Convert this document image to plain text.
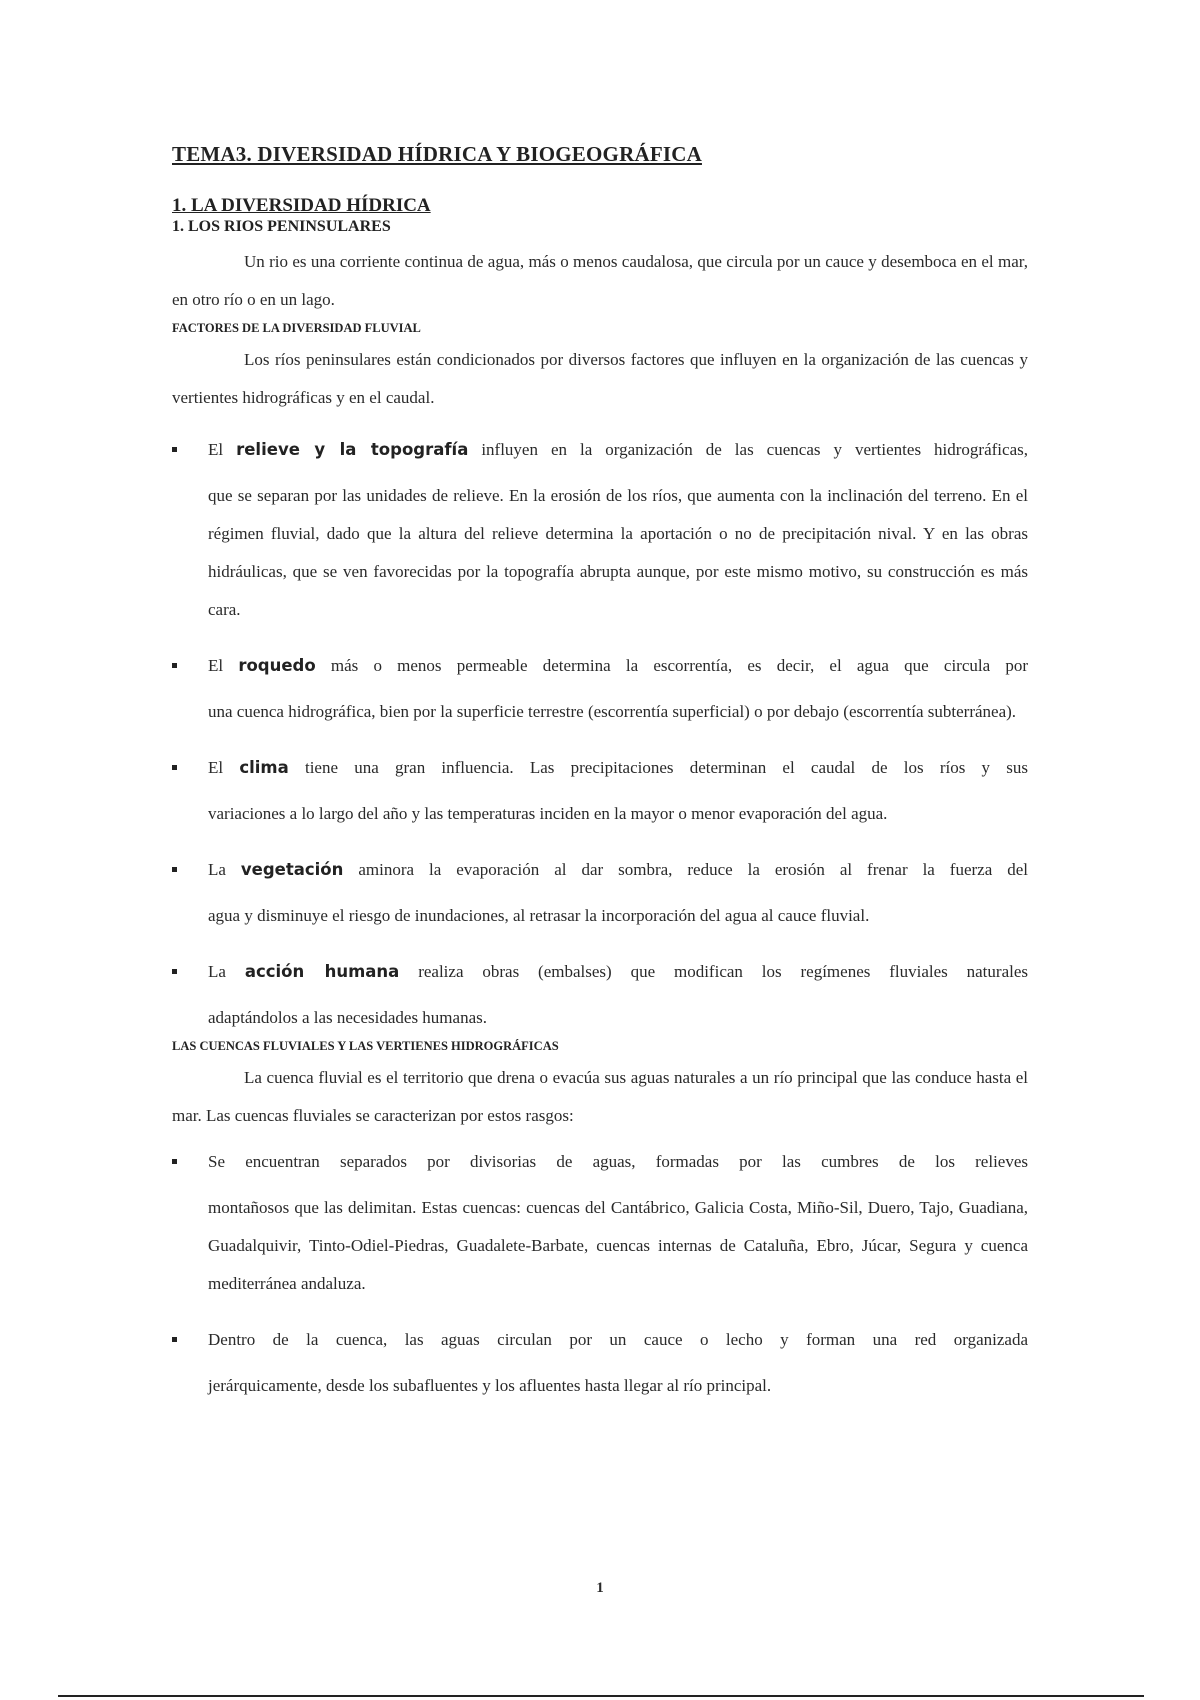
TEMA3. DIVERSIDAD HÍDRICA Y BIOGEOGRÁFICA
1. LA DIVERSIDAD HÍDRICA
1. LOS RIOS PENINSULARES

Un rio es una corriente continua de agua, más o menos caudalosa, que circula por un cauce y desemboca en el mar, en otro río o en un lago.

FACTORES DE LA DIVERSIDAD FLUVIAL

Los ríos peninsulares están condicionados por diversos factores que influyen en la organización de las cuencas y vertientes hidrográficas y en el caudal.

El relieve y la topografía influyen en la organización de las cuencas y vertientes hidrográficas,
que se separan por las unidades de relieve. En la erosión de los ríos, que aumenta con la inclinación del terreno. En el régimen fluvial, dado que la altura del relieve determina la aportación o no de precipitación nival. Y en las obras hidráulicas, que se ven favorecidas por la topografía abrupta aunque, por este mismo motivo, su construcción es más cara.
El roquedo más o menos permeable determina la escorrentía, es decir, el agua que circula por
una cuenca hidrográfica, bien por la superficie terrestre (escorrentía superficial) o por debajo (escorrentía subterránea).
El clima tiene una gran influencia. Las precipitaciones determinan el caudal de los ríos y sus
variaciones a lo largo del año y las temperaturas inciden en la mayor o menor evaporación del agua.
La vegetación aminora la evaporación al dar sombra, reduce la erosión al frenar la fuerza del
agua y disminuye el riesgo de inundaciones, al retrasar la incorporación del agua al cauce fluvial.
La acción humana realiza obras (embalses) que modifican los regímenes fluviales naturales
adaptándolos a las necesidades humanas.
LAS CUENCAS FLUVIALES Y LAS VERTIENES HIDROGRÁFICAS

La cuenca fluvial es el territorio que drena o evacúa sus aguas naturales a un río principal que las conduce hasta el mar. Las cuencas fluviales se caracterizan por estos rasgos:

Se encuentran separados por divisorias de aguas, formadas por las cumbres de los relieves
montañosos que las delimitan. Estas cuencas: cuencas del Cantábrico, Galicia Costa, Miño-Sil, Duero, Tajo, Guadiana, Guadalquivir, Tinto-Odiel-Piedras, Guadalete-Barbate, cuencas internas de Cataluña, Ebro, Júcar, Segura y cuenca mediterránea andaluza.
Dentro de la cuenca, las aguas circulan por un cauce o lecho y forman una red organizada
jerárquicamente, desde los subafluentes y los afluentes hasta llegar al río principal.
1
